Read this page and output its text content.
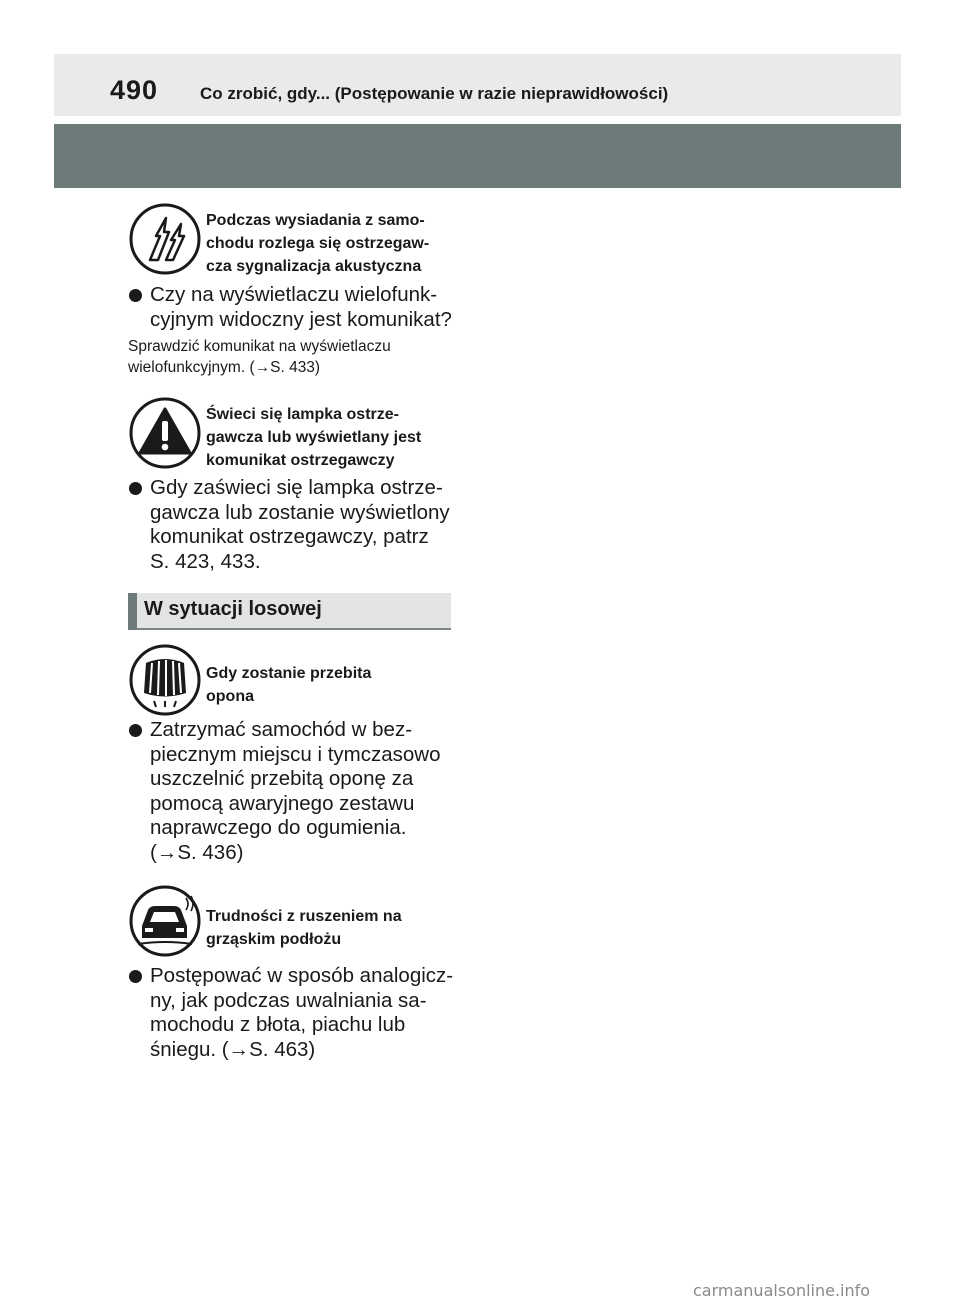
490 Co zrobić, gdy... (Postępowanie w razie nieprawidłowości)
Podczas wysiadania z samo-
chodu rozlega się ostrzegaw-
cza sygnalizacja akustyczna
Czy na wyświetlaczu wielofunk-
cyjnym widoczny jest komunikat?
Sprawdzić komunikat na wyświetlaczu
wielofunkcyjnym. (→S. 433)
Świeci się lampka ostrze-
gawcza lub wyświetlany jest
komunikat ostrzegawczy
Gdy zaświeci się lampka ostrze-
gawcza lub zostanie wyświetlony
komunikat ostrzegawczy, patrz
S. 423, 433.
W sytuacji losowej
Gdy zostanie przebita
opona
Zatrzymać samochód w bez-
piecznym miejscu i tymczasowo
uszczelnić przebitą oponę za
pomocą awaryjnego zestawu
naprawczego do ogumienia.
(→S. 436)
Trudności z ruszeniem na
grząskim podłożu
Postępować w sposób analogicz-
ny, jak podczas uwalniania sa-
mochodu z błota, piachu lub
śniegu. (→S. 463)
carmanualsonline.info
